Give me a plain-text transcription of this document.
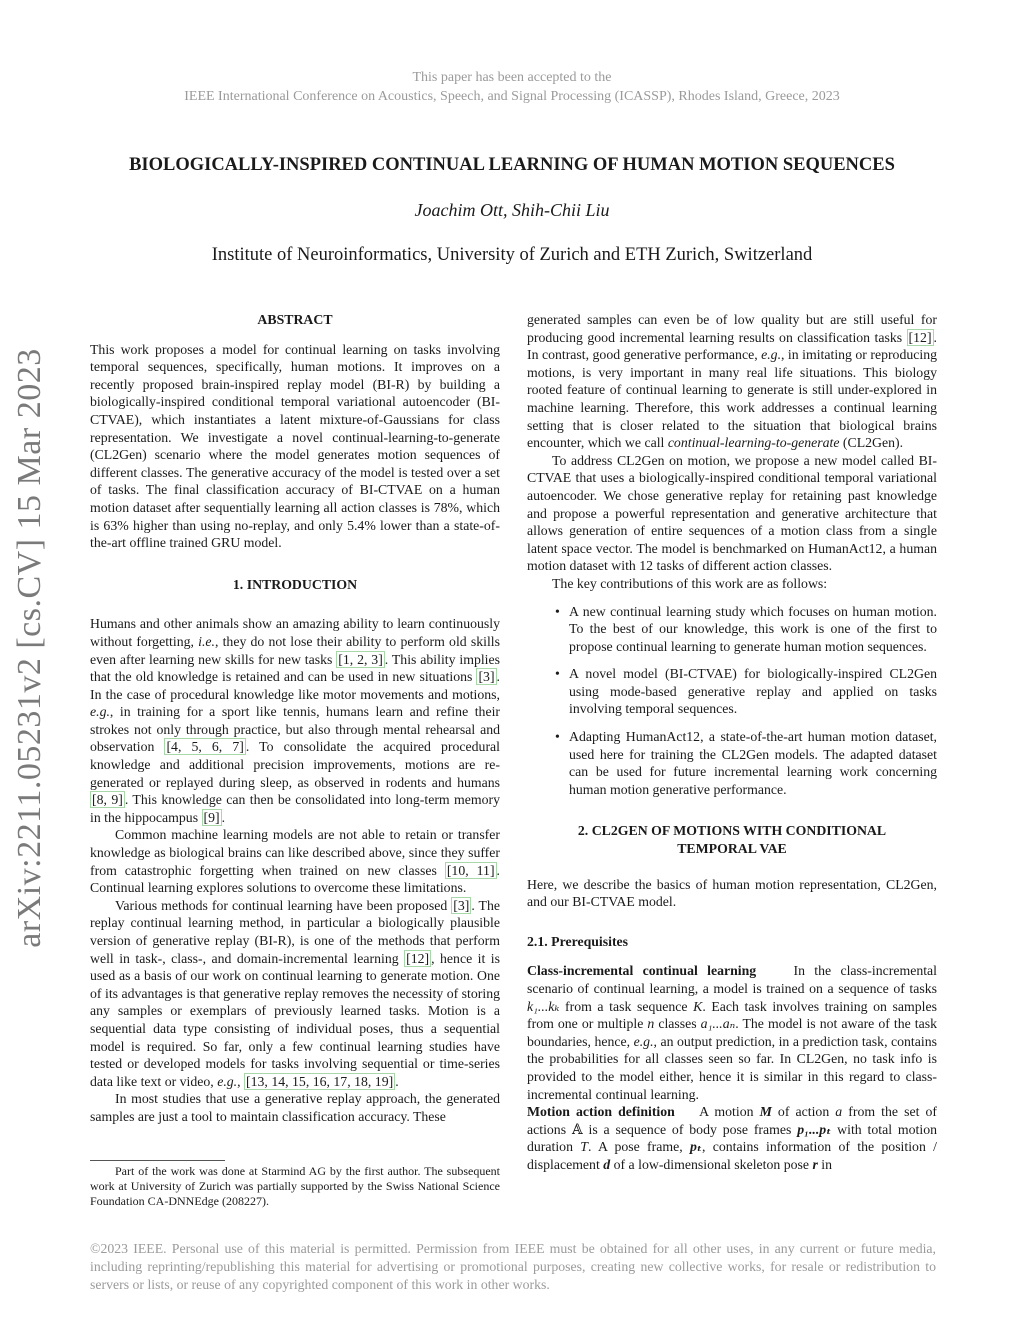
This paper has been accepted to the
IEEE International Conference on Acoustics, Speech, and Signal Processing (ICASSP), Rhodes Island, Greece, 2023
arXiv:2211.05231v2 [cs.CV] 15 Mar 2023
BIOLOGICALLY-INSPIRED CONTINUAL LEARNING OF HUMAN MOTION SEQUENCES
Joachim Ott, Shih-Chii Liu
Institute of Neuroinformatics, University of Zurich and ETH Zurich, Switzerland

ABSTRACT

This work proposes a model for continual learning on tasks involving temporal sequences, specifically, human motions. It improves on a recently proposed brain-inspired replay model (BI-R) by building a biologically-inspired conditional temporal variational autoencoder (BI-CTVAE), which instantiates a latent mixture-of-Gaussians for class representation. We investigate a novel continual-learning-to-generate (CL2Gen) scenario where the model generates motion sequences of different classes. The generative accuracy of the model is tested over a set of tasks. The final classification accuracy of BI-CTVAE on a human motion dataset after sequentially learning all action classes is 78%, which is 63% higher than using no-replay, and only 5.4% lower than a state-of-the-art offline trained GRU model.

1. INTRODUCTION

Humans and other animals show an amazing ability to learn continuously without forgetting, i.e., they do not lose their ability to perform old skills even after learning new skills for new tasks [1, 2, 3] . This ability implies that the old knowledge is retained and can be used in new situations [3] . In the case of procedural knowledge like motor movements and motions, e.g., in training for a sport like tennis, humans learn and refine their strokes not only through practice, but also through mental rehearsal and observation [4, 5, 6, 7] . To consolidate the acquired procedural knowledge and additional precision improvements, motions are re-generated or replayed during sleep, as observed in rodents and humans [8, 9] . This knowledge can then be consolidated into long-term memory in the hippocampus [9] .

Common machine learning models are not able to retain or transfer knowledge as biological brains can like described above, since they suffer from catastrophic forgetting when trained on new classes [10, 11] . Continual learning explores solutions to overcome these limitations.

Various methods for continual learning have been proposed [3] . The replay continual learning method, in particular a biologically plausible version of generative replay (BI-R), is one of the methods that perform well in task-, class-, and domain-incremental learning [12] , hence it is used as a basis of our work on continual learning to generate motion. One of its advantages is that generative replay removes the necessity of storing any samples or exemplars of previously learned tasks. Motion is a sequential data type consisting of individual poses, thus a sequential model is required. So far, only a few continual learning studies have tested or developed models for tasks involving sequential or time-series data like text or video, e.g., [13, 14, 15, 16, 17, 18, 19] .

In most studies that use a generative replay approach, the generated samples are just a tool to maintain classification accuracy. These

Part of the work was done at Starmind AG by the first author. The subsequent work at University of Zurich was partially supported by the Swiss National Science Foundation CA-DNNEdge (208227).

generated samples can even be of low quality but are still useful for producing good incremental learning results on classification tasks [12] . In contrast, good generative performance, e.g., in imitating or reproducing motions, is very important in many real life situations. This biology rooted feature of continual learning to generate is still under-explored in machine learning. Therefore, this work addresses a continual learning setting that is closer related to the situation that biological brains encounter, which we call continual-learning-to-generate (CL2Gen).

To address CL2Gen on motion, we propose a new model called BI-CTVAE that uses a biologically-inspired conditional temporal variational autoencoder. We chose generative replay for retaining past knowledge and propose a powerful representation and generative architecture that allows generation of entire sequences of a motion class from a single latent space vector. The model is benchmarked on HumanAct12, a human motion dataset with 12 tasks of different action classes.

The key contributions of this work are as follows:

• A new continual learning study which focuses on human motion. To the best of our knowledge, this work is one of the first to propose continual learning to generate human motion sequences.

• A novel model (BI-CTVAE) for biologically-inspired CL2Gen using mode-based generative replay and applied on tasks involving temporal sequences.

• Adapting HumanAct12, a state-of-the-art human motion dataset, used here for training the CL2Gen models. The adapted dataset can be used for future incremental learning work concerning human motion generative performance.

2. CL2GEN OF MOTIONS WITH CONDITIONAL

TEMPORAL VAE

Here, we describe the basics of human motion representation, CL2Gen, and our BI-CTVAE model.

2.1. Prerequisites

Class-incremental continual learning	In the class-incremental scenario of continual learning, a model is trained on a sequence of tasks k₁...kₖ from a task sequence K. Each task involves training on samples from one or multiple n classes a₁...aₙ. The model is not aware of the task boundaries, hence, e.g., an output prediction, in a prediction task, contains the probabilities for all classes seen so far. In CL2Gen, no task info is provided to the model either, hence it is similar in this regard to class-incremental continual learning.

Motion action definition A motion M of action a from the set of actions 𝔸 is a sequence of body pose frames p₁...pₜ with total motion duration T. A pose frame, pₜ, contains information of the position / displacement d of a low-dimensional skeleton pose r in

©2023 IEEE. Personal use of this material is permitted. Permission from IEEE must be obtained for all other uses, in any current or future media, including reprinting/republishing this material for advertising or promotional purposes, creating new collective works, for resale or redistribution to servers or lists, or reuse of any copyrighted component of this work in other works.
